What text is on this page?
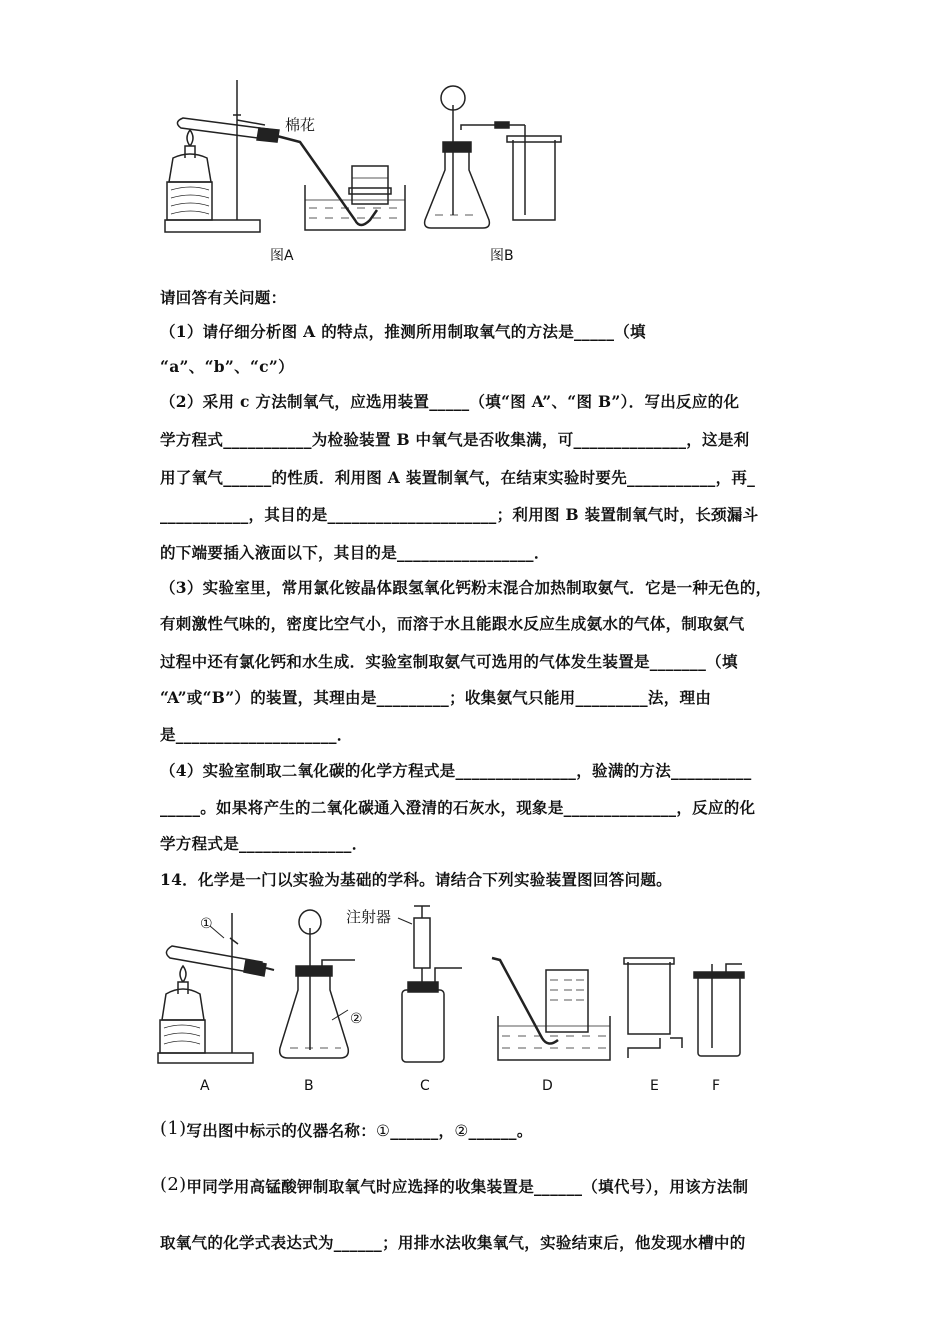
棉花
图A	图B
请回答有关问题：
（1）请仔细分析图 A 的特点，推测所用制取氧气的方法是_____（填
“a”、“b”、“c”）
（2）采用 c 方法制氧气，应选用装置_____（填“图 A”、“图 B”）．写出反应的化
学方程式___________为检验装置 B 中氧气是否收集满，可______________，这是利
用了氧气______的性质．利用图 A 装置制氧气，在结束实验时要先___________，再_
___________，其目的是_____________________；利用图 B 装置制氧气时，长颈漏斗
的下端要插入液面以下，其目的是_________________．
（3）实验室里，常用氯化铵晶体跟氢氧化钙粉末混合加热制取氨气．它是一种无色的，
有刺激性气味的，密度比空气小，而溶于水且能跟水反应生成氨水的气体，制取氨气
过程中还有氯化钙和水生成．实验室制取氨气可选用的气体发生装置是_______（填
“A”或“B”）的装置，其理由是_________；收集氨气只能用_________法，理由
是____________________．
（4）实验室制取二氧化碳的化学方程式是_______________，验满的方法__________
_____。如果将产生的二氧化碳通入澄清的石灰水，现象是______________，反应的化
学方程式是______________．
14．化学是一门以实验为基础的学科。请结合下列实验装置图回答问题。
①
②
注射器
A	B	C	D	E	F
(1)写出图中标示的仪器名称：①______，②______。
(2)甲同学用高锰酸钾制取氧气时应选择的收集装置是______（填代号），用该方法制
取氧气的化学式表达式为______；用排水法收集氧气，实验结束后，他发现水槽中的
